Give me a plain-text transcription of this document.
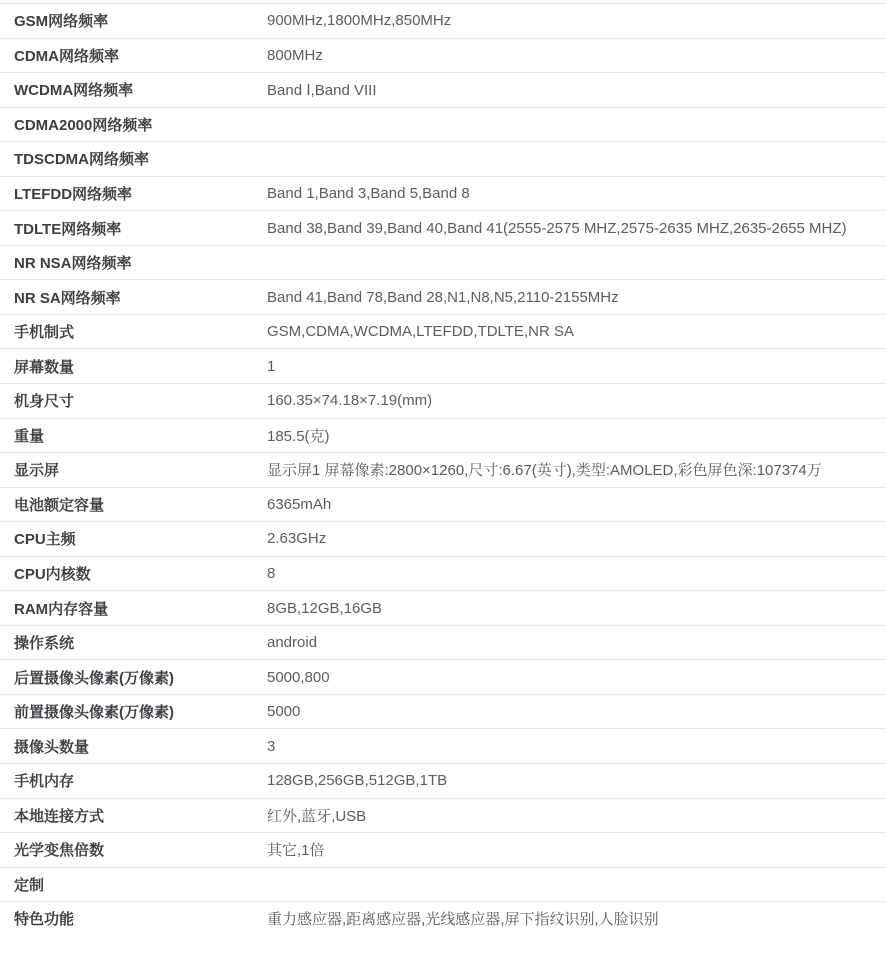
GSM网络频率	900MHz,1800MHz,850MHz
CDMA网络频率	800MHz
WCDMA网络频率	Band Ⅰ,Band VIII
CDMA2000网络频率
TDSCDMA网络频率
LTEFDD网络频率	Band 1,Band 3,Band 5,Band 8
TDLTE网络频率	Band 38,Band 39,Band 40,Band 41(2555-2575 MHZ,2575-2635 MHZ,2635-2655 MHZ)
NR NSA网络频率
NR SA网络频率	Band 41,Band 78,Band 28,N1,N8,N5,2110-2155MHz
手机制式	GSM,CDMA,WCDMA,LTEFDD,TDLTE,NR SA
屏幕数量	1
机身尺寸	160.35×74.18×7.19(mm)
重量	185.5(克)
显示屏	显示屏1 屏幕像素:2800×1260,尺寸:6.67(英寸),类型:AMOLED,彩色屏色深:107374万
电池额定容量	6365mAh
CPU主频	2.63GHz
CPU内核数	8
RAM内存容量	8GB,12GB,16GB
操作系统	android
后置摄像头像素(万像素)	5000,800
前置摄像头像素(万像素)	5000
摄像头数量	3
手机内存	128GB,256GB,512GB,1TB
本地连接方式	红外,蓝牙,USB
光学变焦倍数	其它,1倍
定制
特色功能	重力感应器,距离感应器,光线感应器,屏下指纹识别,人脸识别
